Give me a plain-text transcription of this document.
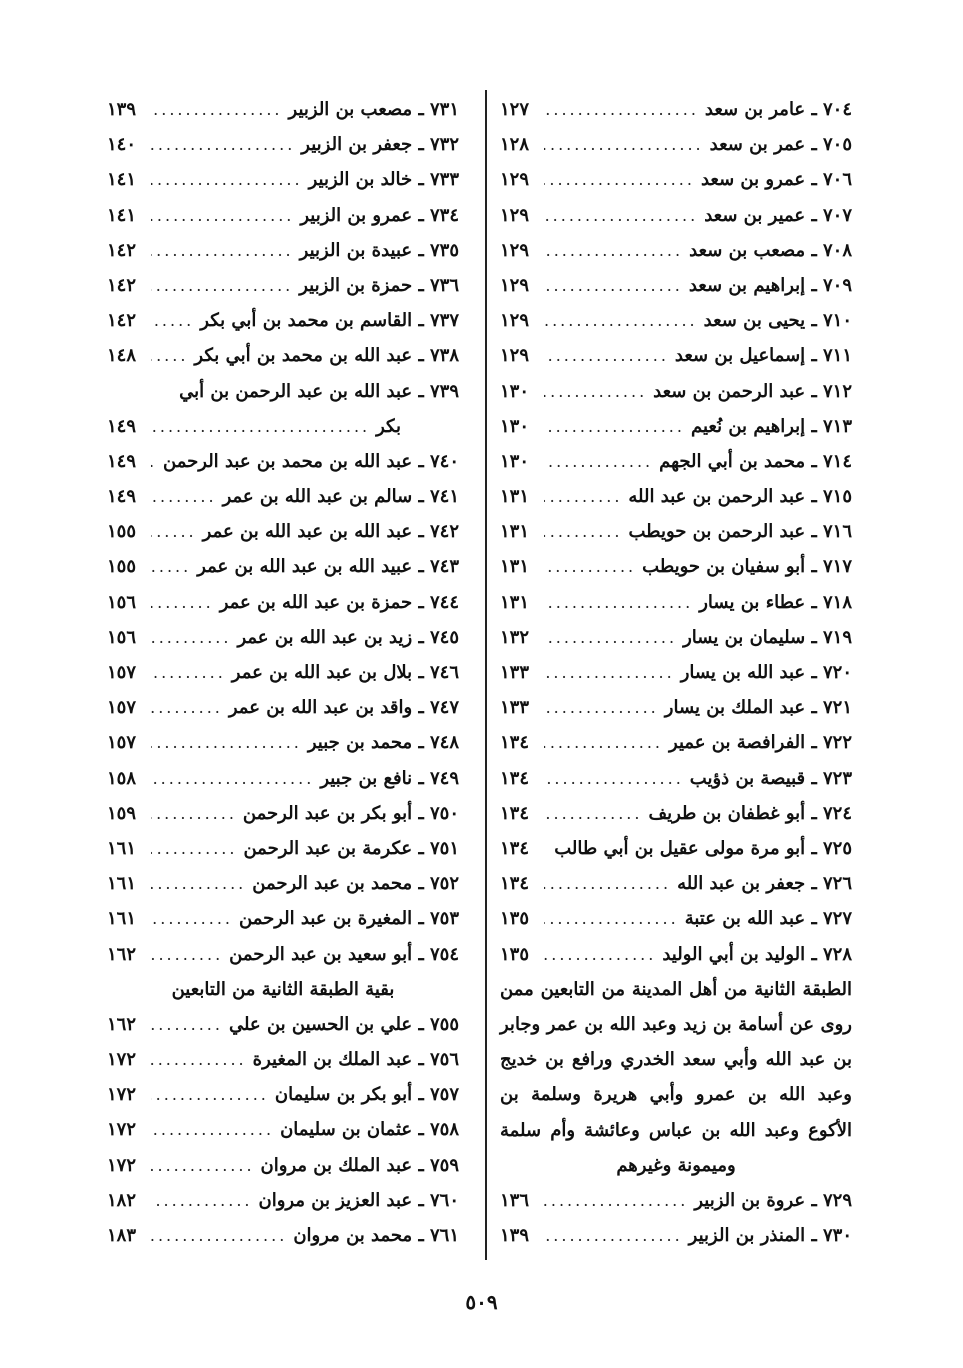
٧٠٤ ـ عامر بن سعد
.....
١٢٧
٧٠٥ ـ عمر بن سعد
.....
١٢٨
٧٠٦ ـ عمرو بن سعد
.....
١٢٩
٧٠٧ ـ عمير بن سعد
.....
١٢٩
٧٠٨ ـ مصعب بن سعد
.....
١٢٩
٧٠٩ ـ إبراهيم بن سعد
.....
١٢٩
٧١٠ ـ يحيى بن سعد
.....
١٢٩
٧١١ ـ إسماعيل بن سعد
.....
١٢٩
٧١٢ ـ عبد الرحمن بن سعد
.....
١٣٠
٧١٣ ـ إبراهيم بن نُعيم
.....
١٣٠
٧١٤ ـ محمد بن أبي الجهم
.....
١٣٠
٧١٥ ـ عبد الرحمن بن عبد الله
.....
١٣١
٧١٦ ـ عبد الرحمن بن حويطب
.....
١٣١
٧١٧ ـ أبو سفيان بن حويطب
.....
١٣١
٧١٨ ـ عطاء بن يسار
.....
١٣١
٧١٩ ـ سليمان بن يسار
.....
١٣٢
٧٢٠ ـ عبد الله بن يسار
.....
١٣٣
٧٢١ ـ عبد الملك بن يسار
.....
١٣٣
٧٢٢ ـ الفرافصة بن عمير
.....
١٣٤
٧٢٣ ـ قبيصة بن ذؤيب
.....
١٣٤
٧٢٤ ـ أبو غطفان بن طريف
.....
١٣٤
٧٢٥ ـ أبو مرة مولى عقيل بن أبي طالب
.....
١٣٤
٧٢٦ ـ جعفر بن عبد الله
.....
١٣٤
٧٢٧ ـ عبد الله بن عتبة
.....
١٣٥
٧٢٨ ـ الوليد بن أبي الوليد
.....
١٣٥
الطبقة الثانية من أهل المدينة من التابعين ممن روى عن أسامة بن زيد وعبد الله بن عمر وجابر بن عبد الله وأبي سعد الخدري ورافع بن خديج وعبد الله بن عمرو وأبي هريرة وسلمة بن الأكوع وعبد الله بن عباس وعائشة وأم سلمة وميمونة وغيرهم
٧٢٩ ـ عروة بن الزبير
.....
١٣٦
٧٣٠ ـ المنذر بن الزبير
.....
١٣٩
٧٣١ ـ مصعب بن الزبير
.....
١٣٩
٧٣٢ ـ جعفر بن الزبير
.....
١٤٠
٧٣٣ ـ خالد بن الزبير
.....
١٤١
٧٣٤ ـ عمرو بن الزبير
.....
١٤١
٧٣٥ ـ عبيدة بن الزبير
.....
١٤٢
٧٣٦ ـ حمزة بن الزبير
.....
١٤٢
٧٣٧ ـ القاسم بن محمد بن أبي بكر
.....
١٤٢
٧٣٨ ـ عبد الله بن محمد بن أبي بكر
.....
١٤٨
٧٣٩ ـ عبد الله بن عبد الرحمن بن أبي
بكر
.....
١٤٩
٧٤٠ ـ عبد الله بن محمد بن عبد الرحمن
.....
١٤٩
٧٤١ ـ سالم بن عبد الله بن عمر
.....
١٤٩
٧٤٢ ـ عبد الله بن عبد الله بن عمر
.....
١٥٥
٧٤٣ ـ عبيد الله بن عبد الله بن عمر
.....
١٥٥
٧٤٤ ـ حمزة بن عبد الله بن عمر
.....
١٥٦
٧٤٥ ـ زيد بن عبد الله بن عمر
.....
١٥٦
٧٤٦ ـ بلال بن عبد الله بن عمر
.....
١٥٧
٧٤٧ ـ واقد بن عبد الله بن عمر
.....
١٥٧
٧٤٨ ـ محمد بن جبير
.....
١٥٧
٧٤٩ ـ نافع بن جبير
.....
١٥٨
٧٥٠ ـ أبو بكر بن عبد الرحمن
.....
١٥٩
٧٥١ ـ عكرمة بن عبد الرحمن
.....
١٦١
٧٥٢ ـ محمد بن عبد الرحمن
.....
١٦١
٧٥٣ ـ المغيرة بن عبد الرحمن
.....
١٦١
٧٥٤ ـ أبو سعيد بن عبد الرحمن
.....
١٦٢
بقية الطبقة الثانية من التابعين
٧٥٥ ـ علي بن الحسين بن علي
.....
١٦٢
٧٥٦ ـ عبد الملك بن المغيرة
.....
١٧٢
٧٥٧ ـ أبو بكر بن سليمان
.....
١٧٢
٧٥٨ ـ عثمان بن سليمان
.....
١٧٢
٧٥٩ ـ عبد الملك بن مروان
.....
١٧٢
٧٦٠ ـ عبد العزيز بن مروان
.....
١٨٢
٧٦١ ـ محمد بن مروان
.....
١٨٣
٥٠٩
